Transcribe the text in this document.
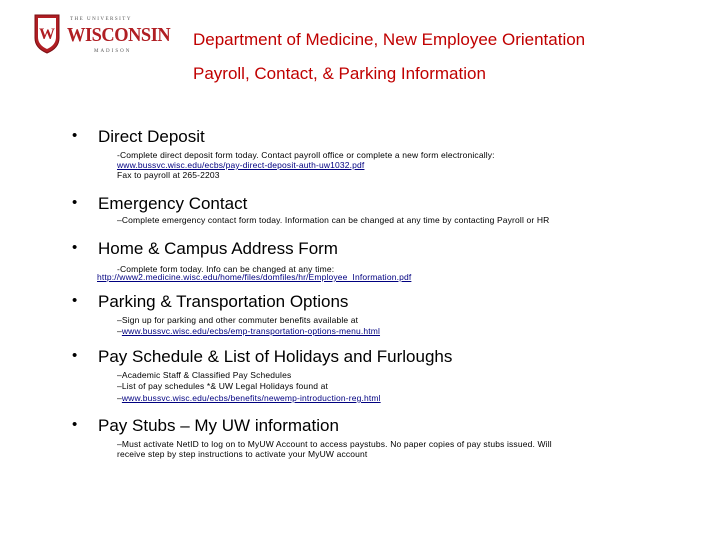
W
THE UNIVERSITY
WISCONSIN
MADISON
Department of Medicine, New Employee Orientation
Payroll, Contact, & Parking Information
• Direct Deposit
-Complete direct deposit form today. Contact payroll office or complete a new form electronically:
www.bussvc.wisc.edu/ecbs/pay-direct-deposit-auth-uw1032.pdf
Fax to payroll at 265-2203
• Emergency Contact
–Complete emergency contact form today. Information can be changed at any time by contacting Payroll or HR
• Home & Campus Address Form
-Complete form today. Info can be changed at any time:
http://www2.medicine.wisc.edu/home/files/domfiles/hr/Employee_Information.pdf
• Parking & Transportation Options
–Sign up for parking and other commuter benefits available at
–www.bussvc.wisc.edu/ecbs/emp-transportation-options-menu.html
• Pay Schedule & List of Holidays and Furloughs
–Academic Staff & Classified Pay Schedules
–List of pay schedules *& UW Legal Holidays found at
–www.bussvc.wisc.edu/ecbs/benefits/newemp-introduction-reg.html
• Pay Stubs – My UW information
–Must activate NetID to log on to MyUW Account to access paystubs. No paper copies of pay stubs issued. Will
receive step by step instructions to activate your MyUW account
